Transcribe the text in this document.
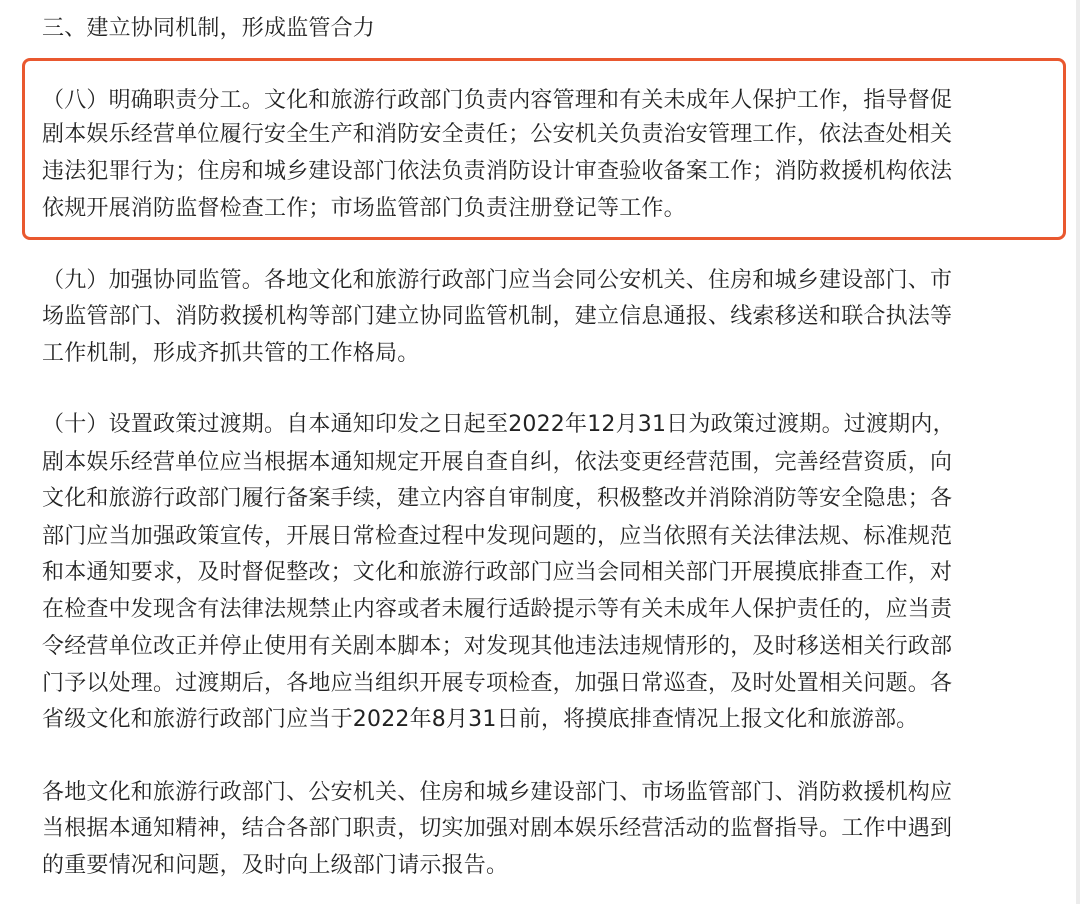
三、建立协同机制，形成监管合力
（八）明确职责分工。文化和旅游行政部门负责内容管理和有关未成年人保护工作，指导督促
剧本娱乐经营单位履行安全生产和消防安全责任；公安机关负责治安管理工作，依法查处相关
违法犯罪行为；住房和城乡建设部门依法负责消防设计审查验收备案工作；消防救援机构依法
依规开展消防监督检查工作；市场监管部门负责注册登记等工作。
（九）加强协同监管。各地文化和旅游行政部门应当会同公安机关、住房和城乡建设部门、市
场监管部门、消防救援机构等部门建立协同监管机制，建立信息通报、线索移送和联合执法等
工作机制，形成齐抓共管的工作格局。
（十）设置政策过渡期。自本通知印发之日起至2022年12月31日为政策过渡期。过渡期内，
剧本娱乐经营单位应当根据本通知规定开展自查自纠，依法变更经营范围，完善经营资质，向
文化和旅游行政部门履行备案手续，建立内容自审制度，积极整改并消除消防等安全隐患；各
部门应当加强政策宣传，开展日常检查过程中发现问题的，应当依照有关法律法规、标准规范
和本通知要求，及时督促整改；文化和旅游行政部门应当会同相关部门开展摸底排查工作，对
在检查中发现含有法律法规禁止内容或者未履行适龄提示等有关未成年人保护责任的，应当责
令经营单位改正并停止使用有关剧本脚本；对发现其他违法违规情形的，及时移送相关行政部
门予以处理。过渡期后，各地应当组织开展专项检查，加强日常巡查，及时处置相关问题。各
省级文化和旅游行政部门应当于2022年8月31日前，将摸底排查情况上报文化和旅游部。
各地文化和旅游行政部门、公安机关、住房和城乡建设部门、市场监管部门、消防救援机构应
当根据本通知精神，结合各部门职责，切实加强对剧本娱乐经营活动的监督指导。工作中遇到
的重要情况和问题，及时向上级部门请示报告。
